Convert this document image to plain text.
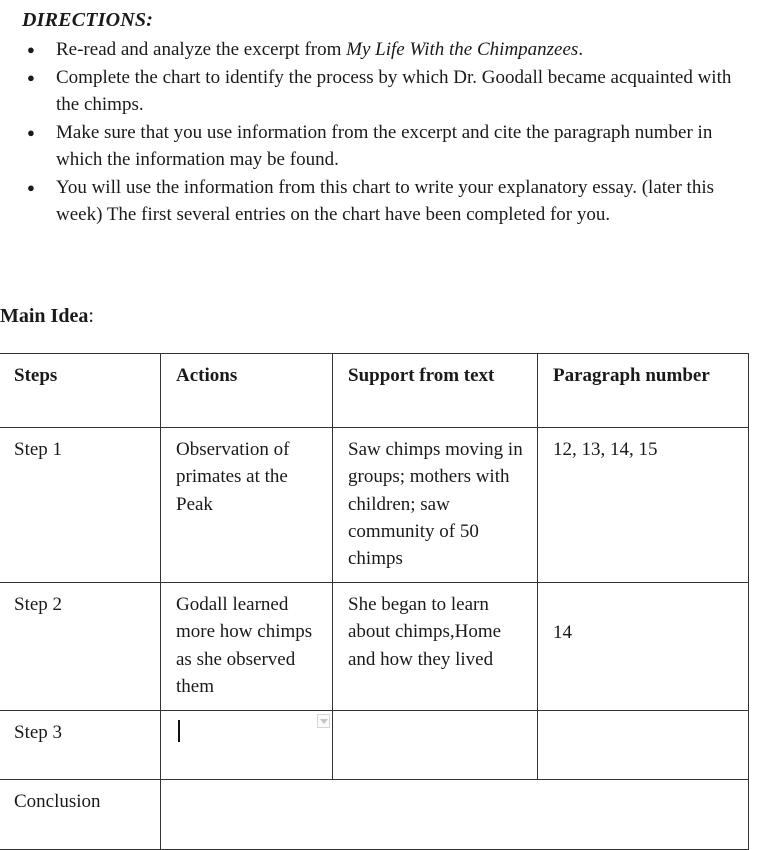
DIRECTIONS:
● Re-read and analyze the excerpt from My Life With the Chimpanzees.
● Complete the chart to identify the process by which Dr. Goodall became acquainted with the chimps.
● Make sure that you use information from the excerpt and cite the paragraph number in which the information may be found.
● You will use the information from this chart to write your explanatory essay. (later this week) The first several entries on the chart have been completed for you.
Main Idea:
Steps	Actions	Support from text	Paragraph number
Step 1	Observation of primates at the Peak	Saw chimps moving in groups; mothers with children; saw community of 50 chimps	12, 13, 14, 15
Step 2	Godall learned more how chimps as she observed them	She began to learn about chimps,Home and how they lived	14
Step 3	

Conclusion			
